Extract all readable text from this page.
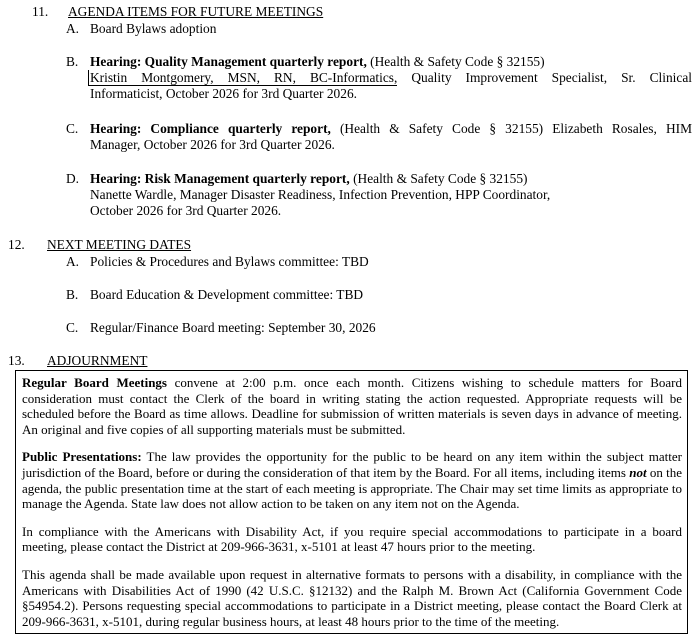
11. AGENDA ITEMS FOR FUTURE MEETINGS
A. Board Bylaws adoption
B. Hearing: Quality Management quarterly report, (Health & Safety Code § 32155)
Kristin Montgomery, MSN, RN, BC-Informatics, Quality Improvement Specialist, Sr. Clinical
Informaticist, October 2026 for 3rd Quarter 2026.
C. Hearing: Compliance quarterly report, (Health & Safety Code § 32155) Elizabeth Rosales, HIM
Manager, October 2026 for 3rd Quarter 2026.
D. Hearing: Risk Management quarterly report, (Health & Safety Code § 32155)
Nanette Wardle, Manager Disaster Readiness, Infection Prevention, HPP Coordinator,
October 2026 for 3rd Quarter 2026.
12. NEXT MEETING DATES
A. Policies & Procedures and Bylaws committee: TBD
B. Board Education & Development committee: TBD
C. Regular/Finance Board meeting: September 30, 2026
13. ADJOURNMENT

Regular Board Meetings convene at 2:00 p.m. once each month. Citizens wishing to schedule matters for Board consideration must contact the Clerk of the board in writing stating the action requested. Appropriate requests will be scheduled before the Board as time allows. Deadline for submission of written materials is seven days in advance of meeting. An original and five copies of all supporting materials must be submitted.

Public Presentations: The law provides the opportunity for the public to be heard on any item within the subject matter jurisdiction of the Board, before or during the consideration of that item by the Board. For all items, including items not on the agenda, the public presentation time at the start of each meeting is appropriate. The Chair may set time limits as appropriate to manage the Agenda. State law does not allow action to be taken on any item not on the Agenda.

In compliance with the Americans with Disability Act, if you require special accommodations to participate in a board meeting, please contact the District at 209-966-3631, x-5101 at least 47 hours prior to the meeting.

This agenda shall be made available upon request in alternative formats to persons with a disability, in compliance with the Americans with Disabilities Act of 1990 (42 U.S.C. §12132) and the Ralph M. Brown Act (California Government Code §54954.2). Persons requesting special accommodations to participate in a District meeting, please contact the Board Clerk at 209-966-3631, x-5101, during regular business hours, at least 48 hours prior to the time of the meeting.
